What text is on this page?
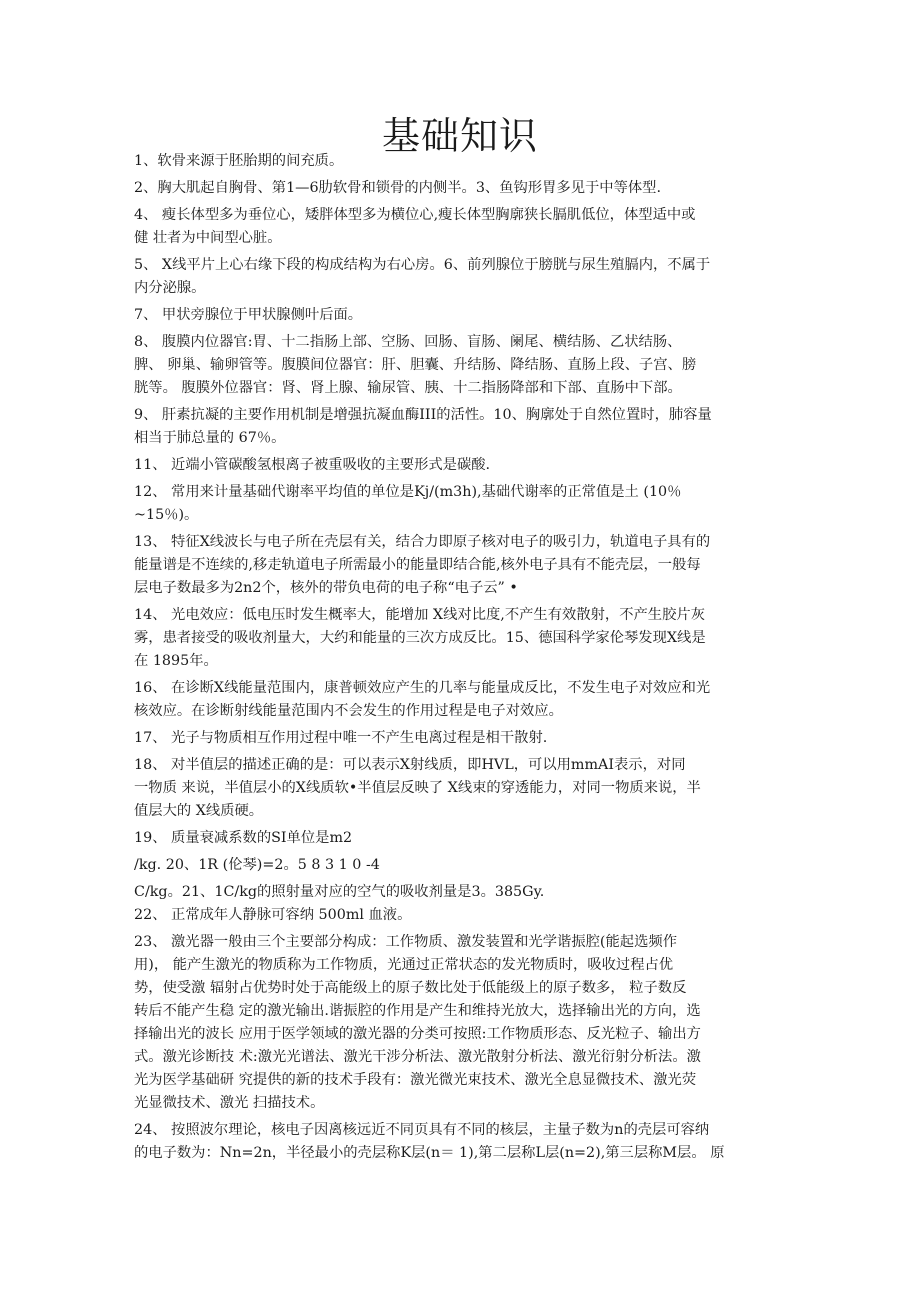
基础知识
1、软骨来源于胚胎期的间充质。
2、胸大肌起自胸骨、第1—6肋软骨和锁骨的内侧半。3、鱼钩形胃多见于中等体型.
4、 瘦长体型多为垂位心，矮胖体型多为横位心,瘦长体型胸廓狭长膈肌低位，体型适中或
健 壮者为中间型心脏。
5、 X线平片上心右缘下段的构成结构为右心房。6、前列腺位于膀胱与尿生殖膈内，不属于
内分泌腺。
7、 甲状旁腺位于甲状腺侧叶后面。
8、 腹膜内位器官:胃、十二指肠上部、空肠、回肠、盲肠、阑尾、横结肠、乙状结肠、
脾、 卵巢、输卵管等。腹膜间位器官：肝、胆囊、升结肠、降结肠、直肠上段、子宫、膀
胱等。 腹膜外位器官：肾、肾上腺、输尿管、胰、十二指肠降部和下部、直肠中下部。
9、 肝素抗凝的主要作用机制是增强抗凝血酶III的活性。10、胸廓处于自然位置时，肺容量
相当于肺总量的 67％。
11、 近端小管碳酸氢根离子被重吸收的主要形式是碳酸.
12、 常用来计量基础代谢率平均值的单位是Kj/(m3h),基础代谢率的正常值是土 (10％
~15％)。
13、 特征X线波长与电子所在壳层有关，结合力即原子核对电子的吸引力，轨道电子具有的
能量谱是不连续的,移走轨道电子所需最小的能量即结合能,核外电子具有不能壳层，一般每
层电子数最多为2n2个，核外的带负电荷的电子称“电子云” •
14、 光电效应：低电压时发生概率大，能增加 X线对比度,不产生有效散射，不产生胶片灰
雾，患者接受的吸收剂量大，大约和能量的三次方成反比。15、德国科学家伦琴发现X线是
在 1895年。
16、 在诊断X线能量范围内，康普顿效应产生的几率与能量成反比，不发生电子对效应和光
核效应。在诊断射线能量范围内不会发生的作用过程是电子对效应。
17、 光子与物质相互作用过程中唯一不产生电离过程是相干散射.
18、 对半值层的描述正确的是：可以表示X射线质，即HVL，可以用mmAI表示，对同
一物质 来说，半值层小的X线质软•半值层反映了 X线束的穿透能力，对同一物质来说，半
值层大的 X线质硬。
19、 质量衰减系数的SI单位是m2
/kg. 20、1R (伦琴)=2。5 8 3 1 0 -4
C/kg。21、1C/kg的照射量对应的空气的吸收剂量是3。385Gy.
22、 正常成年人静脉可容纳 500ml 血液。
23、 激光器一般由三个主要部分构成：工作物质、激发装置和光学谐振腔(能起选频作
用)， 能产生激光的物质称为工作物质，光通过正常状态的发光物质时，吸收过程占优
势，使受激 辐射占优势时处于高能级上的原子数比处于低能级上的原子数多， 粒子数反
转后不能产生稳 定的激光输出.谐振腔的作用是产生和维持光放大，选择输出光的方向，选
择输出光的波长 应用于医学领域的激光器的分类可按照:工作物质形态、反光粒子、输出方
式。激光诊断技 术:激光光谱法、激光干涉分析法、激光散射分析法、激光衍射分析法。激
光为医学基础研 究提供的新的技术手段有：激光微光束技术、激光全息显微技术、激光荧
光显微技术、激光 扫描技术。
24、 按照波尔理论，核电子因离核远近不同页具有不同的核层，主量子数为n的壳层可容纳
的电子数为：Nn=2n，半径最小的壳层称K层(n＝ 1),第二层称L层(n=2),第三层称M层。 原
